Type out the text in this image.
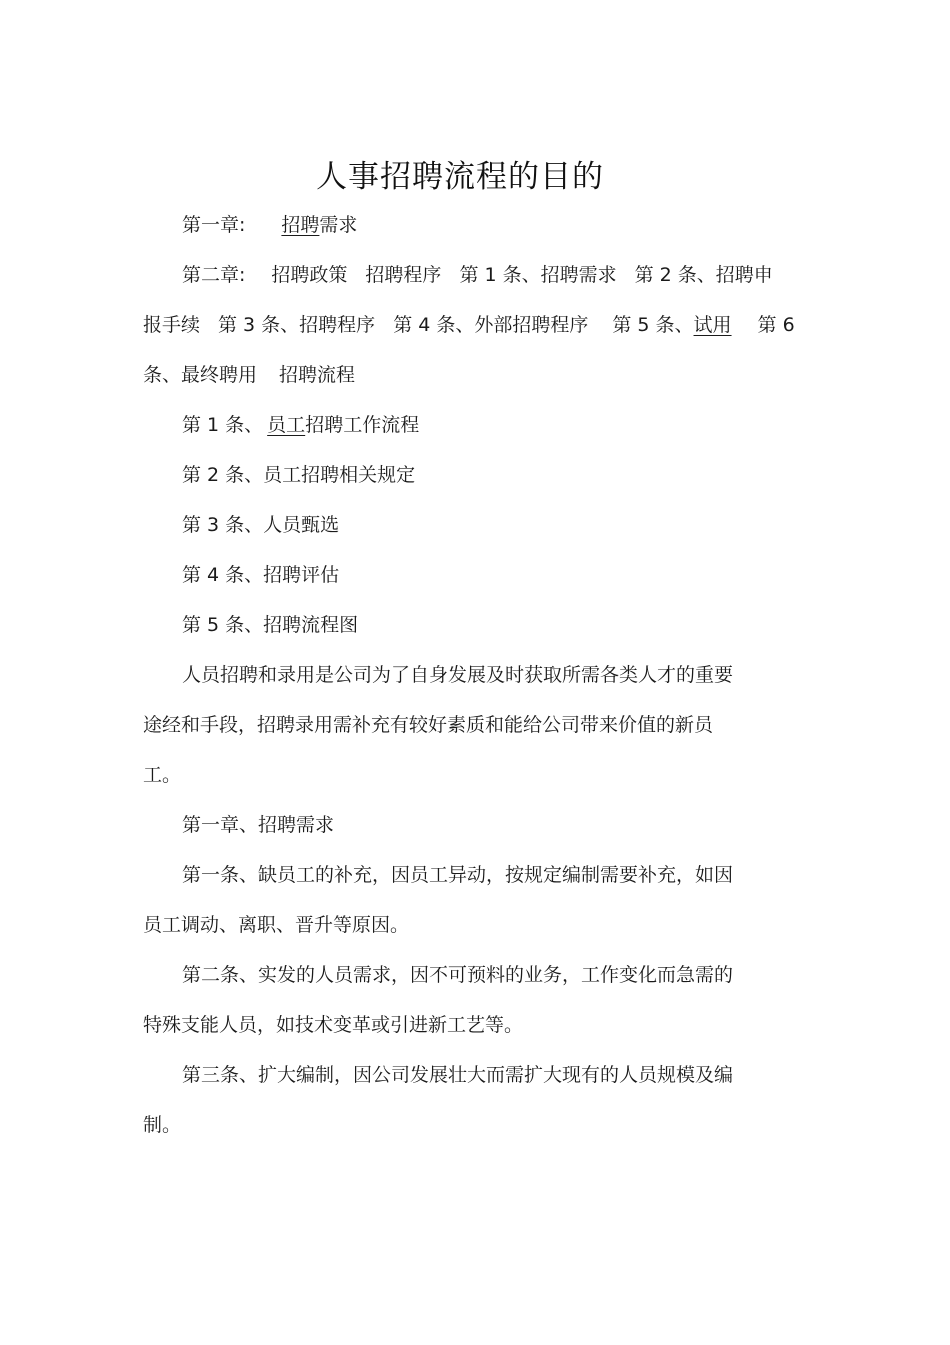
人事招聘流程的目的
第一章: 招聘需求
第二章: 招聘政策 招聘程序 第 1 条、招聘需求 第 2 条、招聘申
报手续 第 3 条、招聘程序 第 4 条、外部招聘程序 第 5 条、试用 第 6
条、最终聘用 招聘流程
第 1 条、 员工招聘工作流程
第 2 条、员工招聘相关规定
第 3 条、人员甄选
第 4 条、招聘评估
第 5 条、招聘流程图
人员招聘和录用是公司为了自身发展及时获取所需各类人才的重要
途经和手段，招聘录用需补充有较好素质和能给公司带来价值的新员
工。
第一章、招聘需求
第一条、缺员工的补充，因员工异动，按规定编制需要补充，如因
员工调动、离职、晋升等原因。
第二条、实发的人员需求，因不可预料的业务，工作变化而急需的
特殊支能人员，如技术变革或引进新工艺等。
第三条、扩大编制，因公司发展壮大而需扩大现有的人员规模及编
制。
